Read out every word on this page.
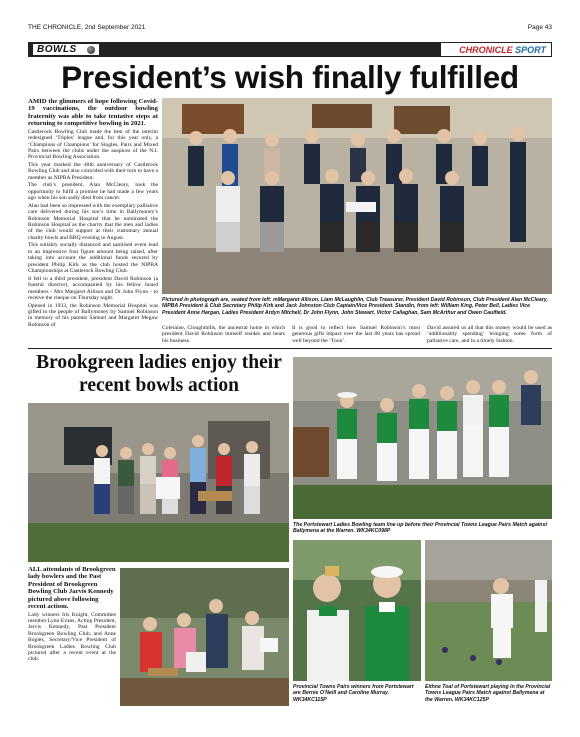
THE CHRONICLE, 2nd September 2021	Page 43
BOWLS	CHRONICLE SPORT
President’s wish finally fulfilled

AMID the glimmers of hope following Covid-19 vaccinations, the outdoor bowling fraternity was able to take tentative steps at returning to competitive bowling in 2021.

Castlerock Bowling Club made the best of the interim redesigned ‘Triples’ league and, for this year only, a ‘Champions of Champions’ for Singles, Pairs and Mixed Pairs between the clubs under the auspices of the N.I. Provincial Bowling Association.

This year marked the 40th anniversary of Castlerock Bowling Club and also coincided with their turn to have a member as NIPBA President.

The club’s president, Alan McCleary, took the opportunity to fulfil a promise he had made a few years ago when his son sadly died from cancer.

Alan had been so impressed with the exemplary palliative care delivered during his son’s time in Ballymoney’s Robinson Memorial Hospital that he nominated the Robinson Hospital as the charity that the men and ladies of the club would support at their customary annual charity bowls and BBQ evening in August.

This suitably socially distanced and sanitised event lead to an impressive four figure amount being raised, after taking into account the additional funds secured by president Philip Kirk as the club hosted the NIPBA Championships at Castlerock Bowling Club.

It fell to a third president, president David Robinson (a funeral director), accompanied by his fellow board members - Mrs Margaret Allison and Dr John Flynn - to receive the cheque on Thursday night.

Opened in 1933, the Robinson Memorial Hospital was gifted to the people of Ballymoney by Samuel Robinson in memory of his parents Samuel and Margaret Megaw Robinson of

Pictured in photograph are, seated from left: mMargaret Allison, Liam McLaughlin, Club Treasurer, President David Robinson, Club President Alan McCleary, NIPBA President & Club Secretary Philip Kirk and Jack Johnston Club Captain/Vice President. Standin, from left: William King, Peter Bell, Ladies Vice President Anne Hargan, Ladies President Ardyn Mitchell, Dr John Flynn, John Stewart, Victor Callaghan, Sam McArthur and Owen Caulfield.
Coleraine, Cloughmills, the ancestral home in which president David Robinson himself resides and bears his business.
It is good to reflect how Samuel Robinson’s most generous gifts impact over the last 88 years has spread well beyond the ‘Toon’.
David assured us all that this money would be used as ‘additionality spending’ bringing some form of palliative care, and in a timely fashion.
Brookgreen ladies enjoy their recent bowls action

ALL attendants of Brookgreen lady bowlers and the Past President of Brookgreen Bowling Club Jarvis Kennedy pictured above following recent actiom.

Lady winners Iris Knight, Committee member Lynn Evans, Acting President, Jarvis Kennedy, Past President Brookgreen Bowling Club, and Anne Bogles, Secretary/Vice President of Brookgreen Ladies Bowling Club pictured after a recent event at the club.

The Portstewart Ladies Bowling team line up before their Provincial Towns League Pairs Match against Ballymena at the Warren. WK34KC098P
Provincial Towns Pairs winners from Portstewart are Bernie O’Neill and Caroline Murray. WK34KC115P
Eithne Toal of Portstewart playing in the Provincial Towns League Pairs Match against Ballymena at the Warren. WK34KC125P
